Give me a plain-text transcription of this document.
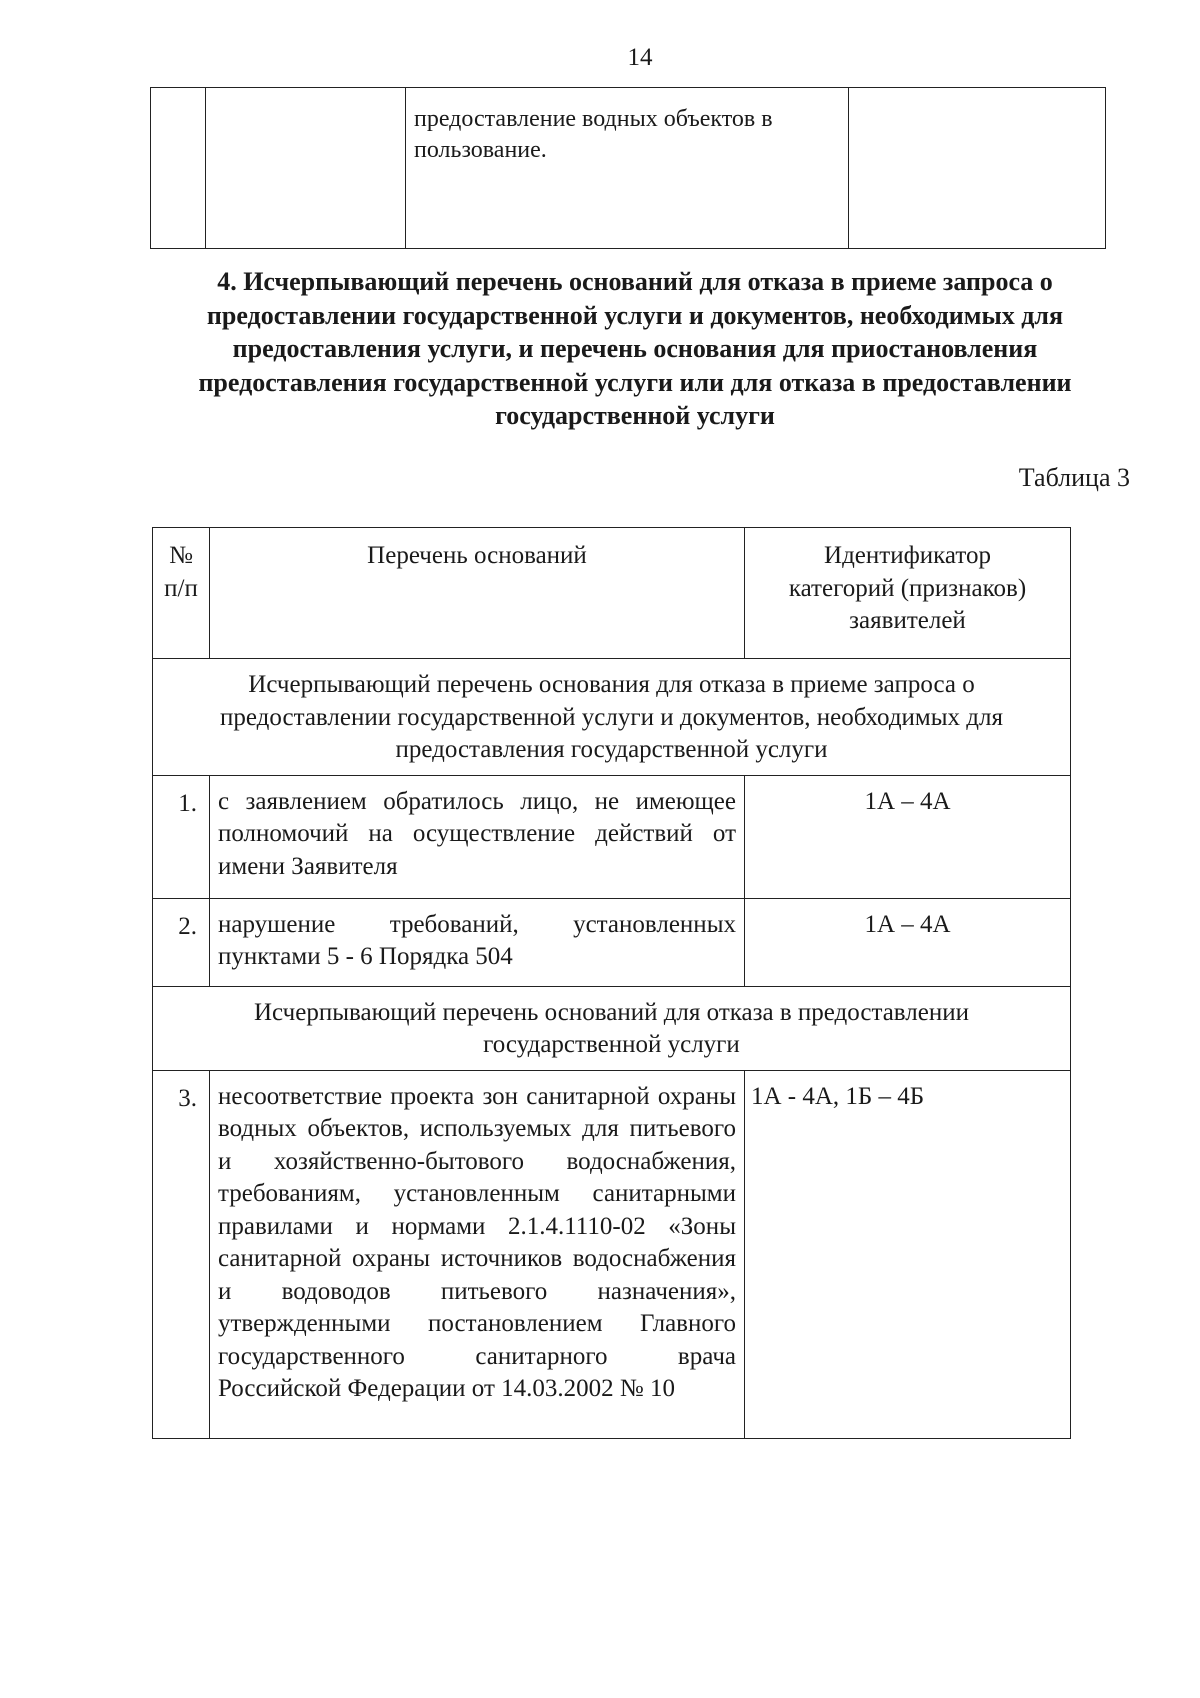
14

предоставление водных объектов в
пользование.

4. Исчерпывающий перечень оснований для отказа в приеме запроса о
предоставлении государственной услуги и документов, необходимых для
предоставления услуги, и перечень основания для приостановления
предоставления государственной услуги или для отказа в предоставлении
государственной услуги
Таблица 3
№
п/п	Перечень оснований	Идентификатор
категорий (признаков)
заявителей

Исчерпывающий перечень основания для отказа в приеме запроса о
предоставлении государственной услуги и документов, необходимых для
предоставления государственной услуги		

1.	с заявлением обратилось лицо, не имеющее полномочий на осуществление действий от имени Заявителя	1А – 4А
2.	нарушение требований, установленных пунктами 5 - 6 Порядка 504	1А – 4А

Исчерпывающий перечень оснований для отказа в предоставлении
государственной услуги		

3.	несоответствие проекта зон санитарной охраны водных объектов, используемых для питьевого и хозяйственно-бытового водоснабжения, требованиям, установленным санитарными правилами и нормами 2.1.4.1110-02 «Зоны санитарной охраны источников водоснабжения и водоводов питьевого назначения», утвержденными постановлением Главного государственного санитарного врача Российской Федерации от 14.03.2002 № 10	1А - 4А, 1Б – 4Б
